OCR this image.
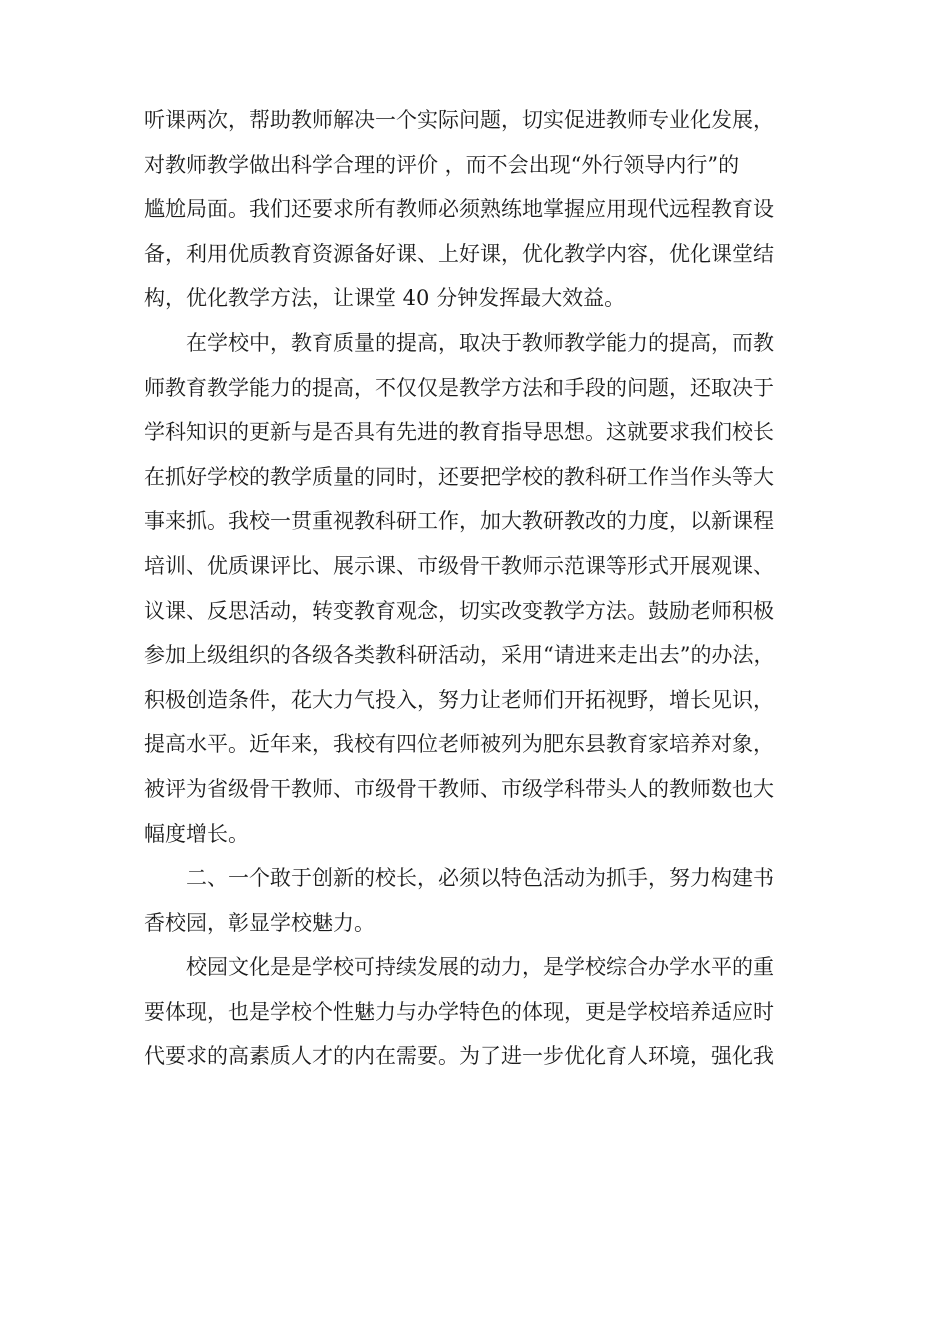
听课两次，帮助教师解决一个实际问题，切实促进教师专业化发展，
对教师教学做出科学合理的评价 ，而不会出现“外行领导内行”的
尴尬局面。我们还要求所有教师必须熟练地掌握应用现代远程教育设
备，利用优质教育资源备好课、上好课，优化教学内容，优化课堂结
构，优化教学方法，让课堂 40 分钟发挥最大效益。
在学校中，教育质量的提高，取决于教师教学能力的提高，而教
师教育教学能力的提高，不仅仅是教学方法和手段的问题，还取决于
学科知识的更新与是否具有先进的教育指导思想。这就要求我们校长
在抓好学校的教学质量的同时，还要把学校的教科研工作当作头等大
事来抓。我校一贯重视教科研工作，加大教研教改的力度，以新课程
培训、优质课评比、展示课、市级骨干教师示范课等形式开展观课、
议课、反思活动，转变教育观念，切实改变教学方法。鼓励老师积极
参加上级组织的各级各类教科研活动，采用“请进来走出去”的办法，
积极创造条件，花大力气投入，努力让老师们开拓视野，增长见识，
提高水平。近年来，我校有四位老师被列为肥东县教育家培养对象，
被评为省级骨干教师、市级骨干教师、市级学科带头人的教师数也大
幅度增长。
二、一个敢于创新的校长，必须以特色活动为抓手，努力构建书
香校园，彰显学校魅力。
校园文化是是学校可持续发展的动力，是学校综合办学水平的重
要体现，也是学校个性魅力与办学特色的体现，更是学校培养适应时
代要求的高素质人才的内在需要。为了进一步优化育人环境，强化我
